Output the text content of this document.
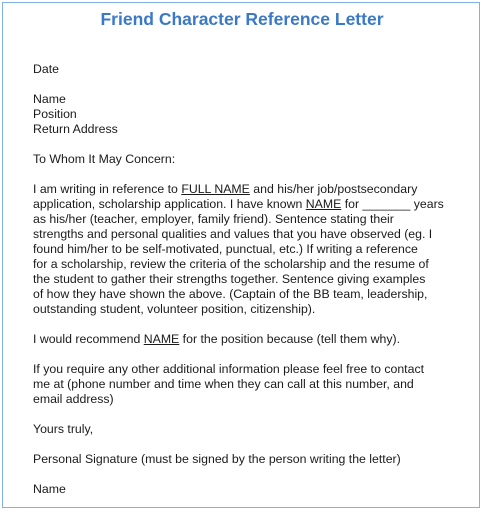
Friend Character Reference Letter
Date
Name
Position
Return Address
To Whom It May Concern:
I am writing in reference to FULL NAME and his/her job/postsecondary
application, scholarship application. I have known NAME for _______ years
as his/her (teacher, employer, family friend). Sentence stating their
strengths and personal qualities and values that you have observed (eg. I
found him/her to be self-motivated, punctual, etc.) If writing a reference
for a scholarship, review the criteria of the scholarship and the resume of
the student to gather their strengths together. Sentence giving examples
of how they have shown the above. (Captain of the BB team, leadership,
outstanding student, volunteer position, citizenship).
I would recommend NAME for the position because (tell them why).
If you require any other additional information please feel free to contact
me at (phone number and time when they can call at this number, and
email address)
Yours truly,
Personal Signature (must be signed by the person writing the letter)
Name
